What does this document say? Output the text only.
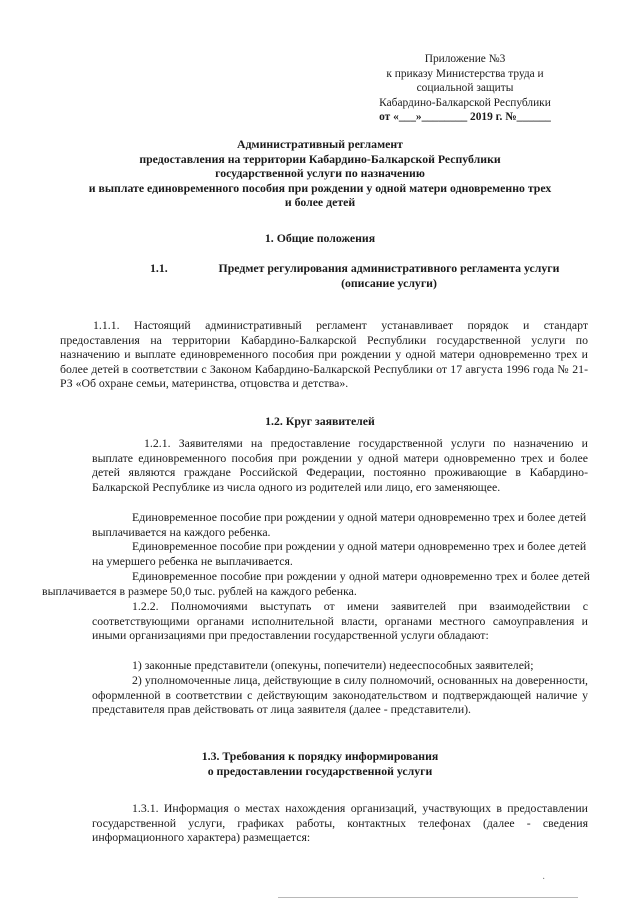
Приложение №3
к приказу Министерства труда и
социальной защиты
Кабардино-Балкарской Республики
от «___»________ 2019 г. №______
Административный регламент
предоставления на территории Кабардино-Балкарской Республики
государственной услуги по назначению
и выплате единовременного пособия при рождении у одной матери одновременно трех
и более детей
1. Общие положения
1.1.	Предмет регулирования административного регламента услуги
(описание услуги)
1.1.1. Настоящий административный регламент устанавливает порядок и стандарт предоставления на территории Кабардино-Балкарской Республики государственной услуги по назначению и выплате единовременного пособия при рождении у одной матери одновременно трех и более детей в соответствии с Законом Кабардино-Балкарской Республики от 17 августа 1996 года № 21-РЗ «Об охране семьи, материнства, отцовства и детства».
1.2. Круг заявителей
1.2.1. Заявителями на предоставление государственной услуги по назначению и выплате единовременного пособия при рождении у одной матери одновременно трех и более детей являются граждане Российской Федерации, постоянно проживающие в Кабардино-Балкарской Республике из числа одного из родителей или лицо, его заменяющее.
Единовременное пособие при рождении у одной матери одновременно трех и более детей выплачивается на каждого ребенка.
Единовременное пособие при рождении у одной матери одновременно трех и более детей на умершего ребенка не выплачивается.
Единовременное пособие при рождении у одной матери одновременно трех и более детей выплачивается в размере 50,0 тыс. рублей на каждого ребенка.
1.2.2. Полномочиями выступать от имени заявителей при взаимодействии с соответствующими органами исполнительной власти, органами местного самоуправления и иными организациями при предоставлении государственной услуги обладают:
1) законные представители (опекуны, попечители) недееспособных заявителей;
2) уполномоченные лица, действующие в силу полномочий, основанных на доверенности, оформленной в соответствии с действующим законодательством и подтверждающей наличие у представителя прав действовать от лица заявителя (далее - представители).
1.3. Требования к порядку информирования
о предоставлении государственной услуги
1.3.1. Информация о местах нахождения организаций, участвующих в предоставлении государственной услуги, графиках работы, контактных телефонах (далее - сведения информационного характера) размещается:
·
